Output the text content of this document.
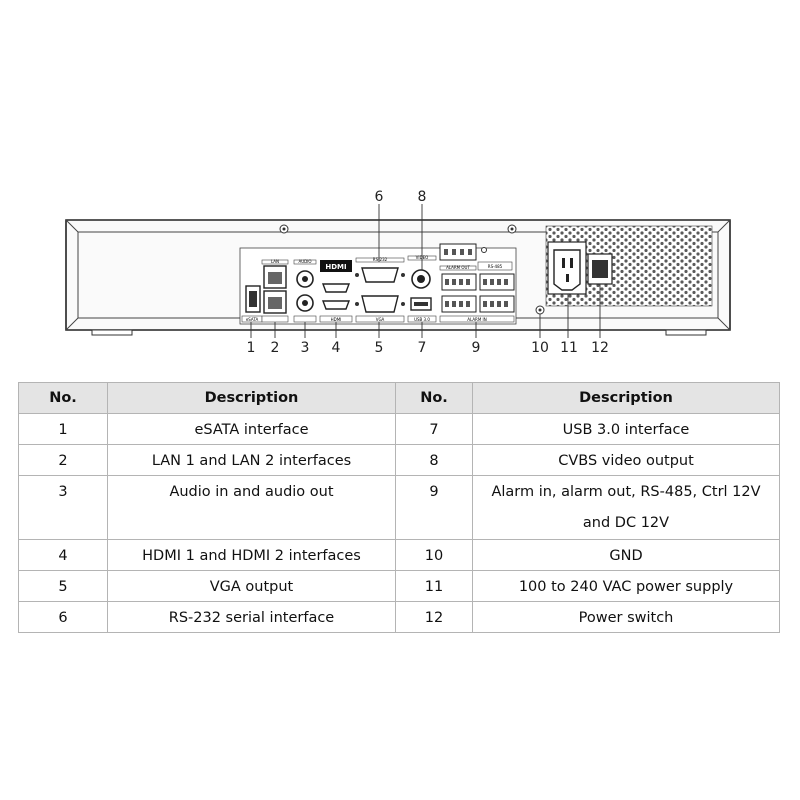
HDMI
eSATA
LAN	AUDIO	RS-232
VGA
HDMI
VIDEO
USB 3.0
ALARM OUT	RS-485
ALARM IN
1 2 3 4 5
6
7
8
9	10 11 12
No.	Description	No.	Description
1	eSATA interface	7	USB 3.0 interface
2	LAN 1 and LAN 2 interfaces	8	CVBS video output
3	Audio in and audio out	9	Alarm in, alarm out, RS-485, Ctrl 12V and DC 12V
4	HDMI 1 and HDMI 2 interfaces	10	GND
5	VGA output	11	100 to 240 VAC power supply
6	RS-232 serial interface	12	Power switch
